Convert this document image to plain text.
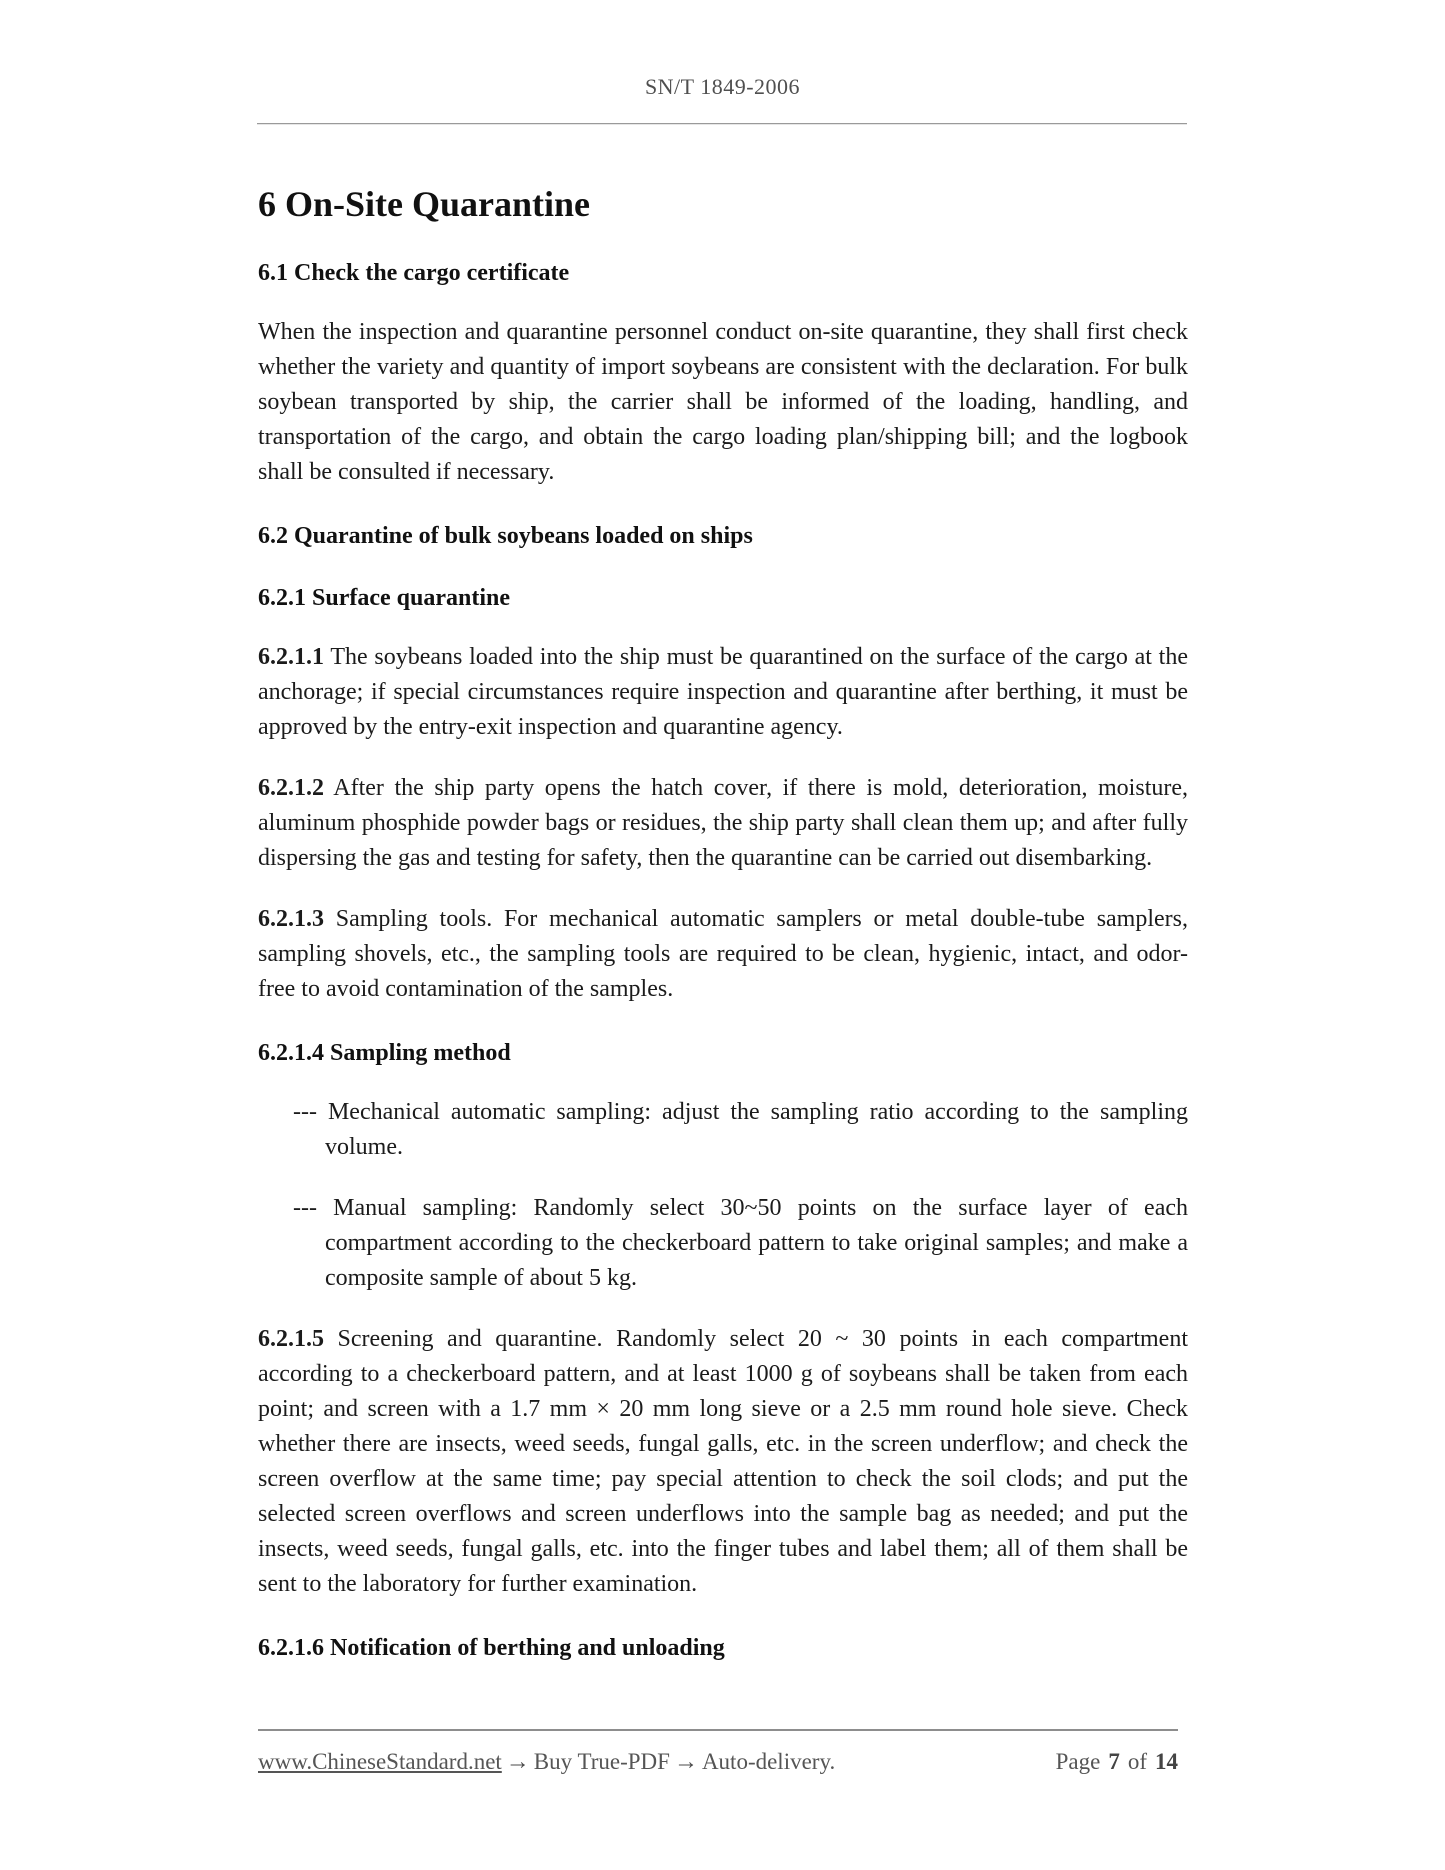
SN/T 1849-2006
6 On-Site Quarantine
6.1 Check the cargo certificate

When the inspection and quarantine personnel conduct on-site quarantine, they shall first check whether the variety and quantity of import soybeans are consistent with the declaration. For bulk soybean transported by ship, the carrier shall be informed of the loading, handling, and transportation of the cargo, and obtain the cargo loading plan/shipping bill; and the logbook shall be consulted if necessary.

6.2 Quarantine of bulk soybeans loaded on ships
6.2.1 Surface quarantine

6.2.1.1 The soybeans loaded into the ship must be quarantined on the surface of the cargo at the anchorage; if special circumstances require inspection and quarantine after berthing, it must be approved by the entry-exit inspection and quarantine agency.

6.2.1.2 After the ship party opens the hatch cover, if there is mold, deterioration, moisture, aluminum phosphide powder bags or residues, the ship party shall clean them up; and after fully dispersing the gas and testing for safety, then the quarantine can be carried out disembarking.

6.2.1.3 Sampling tools. For mechanical automatic samplers or metal double-tube samplers, sampling shovels, etc., the sampling tools are required to be clean, hygienic, intact, and odor-free to avoid contamination of the samples.

6.2.1.4 Sampling method
--- Mechanical automatic sampling: adjust the sampling ratio according to the sampling volume.
--- Manual sampling: Randomly select 30~50 points on the surface layer of each compartment according to the checkerboard pattern to take original samples; and make a composite sample of about 5 kg.

6.2.1.5 Screening and quarantine. Randomly select 20 ~ 30 points in each compartment according to a checkerboard pattern, and at least 1000 g of soybeans shall be taken from each point; and screen with a 1.7 mm × 20 mm long sieve or a 2.5 mm round hole sieve. Check whether there are insects, weed seeds, fungal galls, etc. in the screen underflow; and check the screen overflow at the same time; pay special attention to check the soil clods; and put the selected screen overflows and screen underflows into the sample bag as needed; and put the insects, weed seeds, fungal galls, etc. into the finger tubes and label them; all of them shall be sent to the laboratory for further examination.

6.2.1.6 Notification of berthing and unloading
www.ChineseStandard.net → Buy True-PDF → Auto-delivery.	Page 7 of 14
